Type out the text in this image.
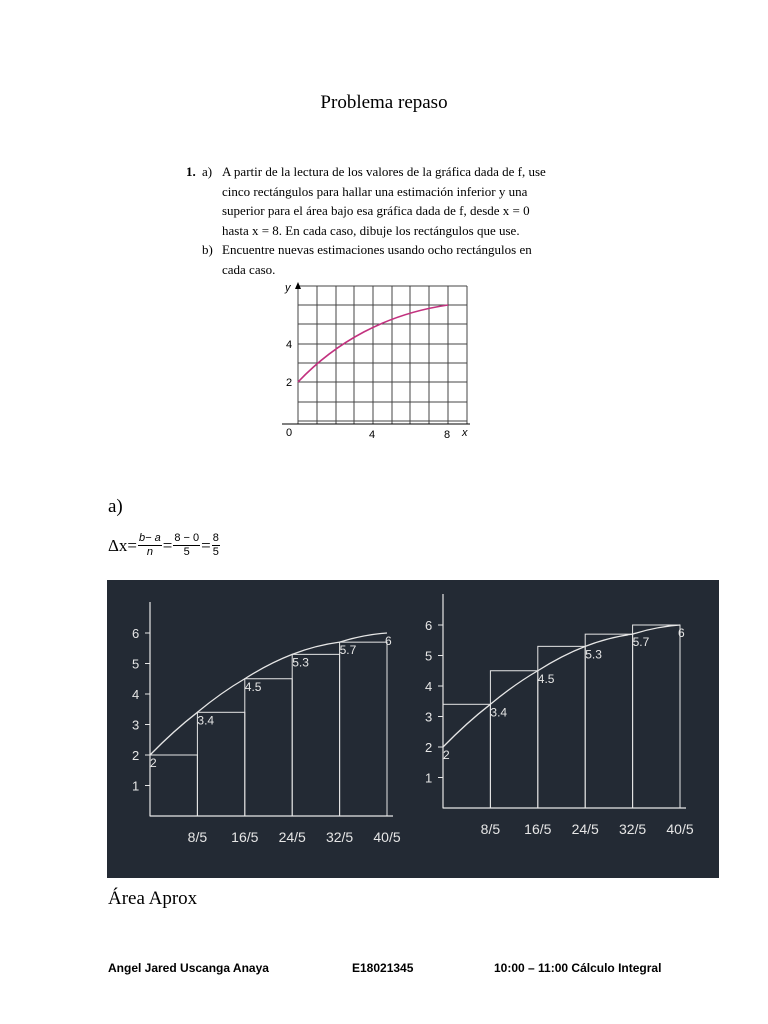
Problema repaso
1. a) A partir de la lectura de los valores de la gráfica dada de f, use
cinco rectángulos para hallar una estimación inferior y una
superior para el área bajo esa gráfica dada de f, desde x = 0
hasta x = 8. En cada caso, dibuje los rectángulos que use.
b) Encuentre nuevas estimaciones usando ocho rectángulos en
cada caso.
y
x
0	4	8
2
4
a)
$\Delta x= \frac{b- a}{n} = \frac{8 - 0}{5} = \frac{8}{5}$
1
2
3
4
5
6
2
3.4
4.5
5.3
5.7
6
8/5 16/5 24/5 32/5 40/5
1
2
3
4
5
6
2
3.4
4.5
5.3
5.7
6
8/5 16/5 24/5 32/5 40/5
Área Aprox
Angel Jared Uscanga Anaya	E18021345	10:00 – 11:00 Cálculo Integral
